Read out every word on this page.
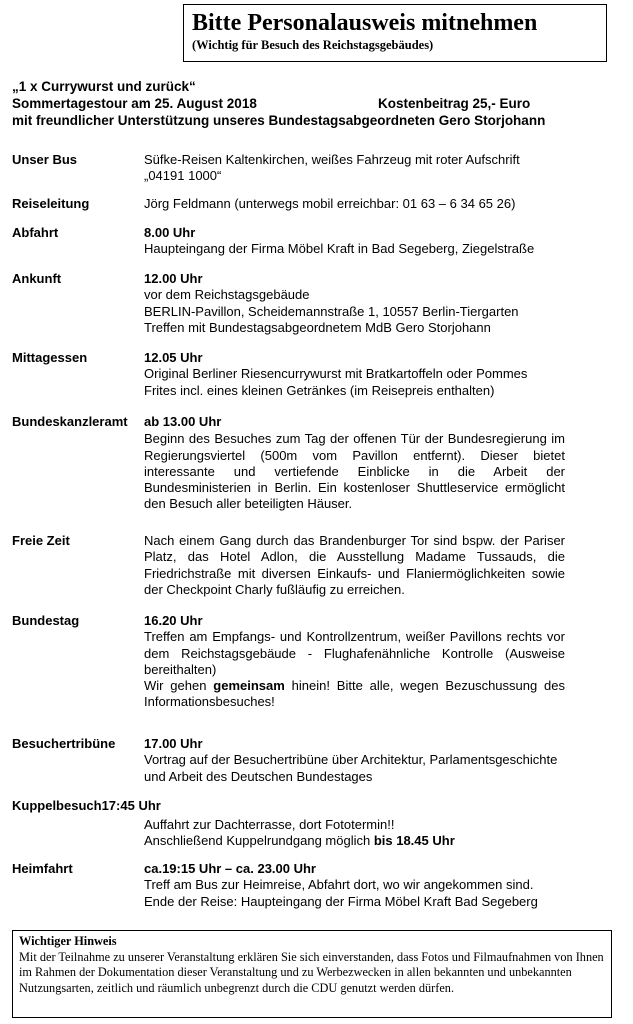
Bitte Personalausweis mitnehmen
(Wichtig für Besuch des Reichstagsgebäudes)
„1 x Currywurst und zurück“
Sommertagestour am 25. August 2018	Kostenbeitrag 25,- Euro
mit freundlicher Unterstützung unseres Bundestagsabgeordneten Gero Storjohann
Unser Bus	Süfke-Reisen Kaltenkirchen, weißes Fahrzeug mit roter Aufschrift
„04191 1000“
Reiseleitung	Jörg Feldmann (unterwegs mobil erreichbar: 01 63 – 6 34 65 26)
Abfahrt	8.00 Uhr
Haupteingang der Firma Möbel Kraft in Bad Segeberg, Ziegelstraße
Ankunft	12.00 Uhr
vor dem Reichstagsgebäude
BERLIN-Pavillon, Scheidemannstraße 1, 10557 Berlin-Tiergarten
Treffen mit Bundestagsabgeordnetem MdB Gero Storjohann
Mittagessen	12.05 Uhr
Original Berliner Riesencurrywurst mit Bratkartoffeln oder Pommes
Frites incl. eines kleinen Getränkes (im Reisepreis enthalten)
Bundeskanzleramt ab 13.00 Uhr
Beginn des Besuches zum Tag der offenen Tür der Bundesregierung im Regierungsviertel (500m vom Pavillon entfernt). Dieser bietet interessante und vertiefende Einblicke in die Arbeit der Bundesministerien in Berlin. Ein kostenloser Shuttleservice ermöglicht den Besuch aller beteiligten Häuser.
Freie Zeit	Nach einem Gang durch das Brandenburger Tor sind bspw. der Pariser Platz, das Hotel Adlon, die Ausstellung Madame Tussauds, die Friedrichstraße mit diversen Einkaufs- und Flaniermöglichkeiten sowie der Checkpoint Charly fußläufig zu erreichen.
Bundestag	16.20 Uhr
Treffen am Empfangs- und Kontrollzentrum, weißer Pavillons rechts vor dem Reichstagsgebäude - Flughafenähnliche Kontrolle (Ausweise bereithalten)
Wir gehen gemeinsam hinein! Bitte alle, wegen Bezuschussung des Informationsbesuches!
Besuchertribüne 17.00 Uhr
Vortrag auf der Besuchertribüne über Architektur, Parlamentsgeschichte und Arbeit des Deutschen Bundestages
Kuppelbesuch17:45 Uhr
Auffahrt zur Dachterrasse, dort Fototermin!!
Anschließend Kuppelrundgang möglich bis 18.45 Uhr
Heimfahrt	ca.19:15 Uhr – ca. 23.00 Uhr
Treff am Bus zur Heimreise, Abfahrt dort, wo wir angekommen sind.
Ende der Reise: Haupteingang der Firma Möbel Kraft Bad Segeberg
Wichtiger Hinweis
Mit der Teilnahme zu unserer Veranstaltung erklären Sie sich einverstanden, dass Fotos und Filmaufnahmen von Ihnen im Rahmen der Dokumentation dieser Veranstaltung und zu Werbezwecken in allen bekannten und unbekannten Nutzungsarten, zeitlich und räumlich unbegrenzt durch die CDU genutzt werden dürfen.
